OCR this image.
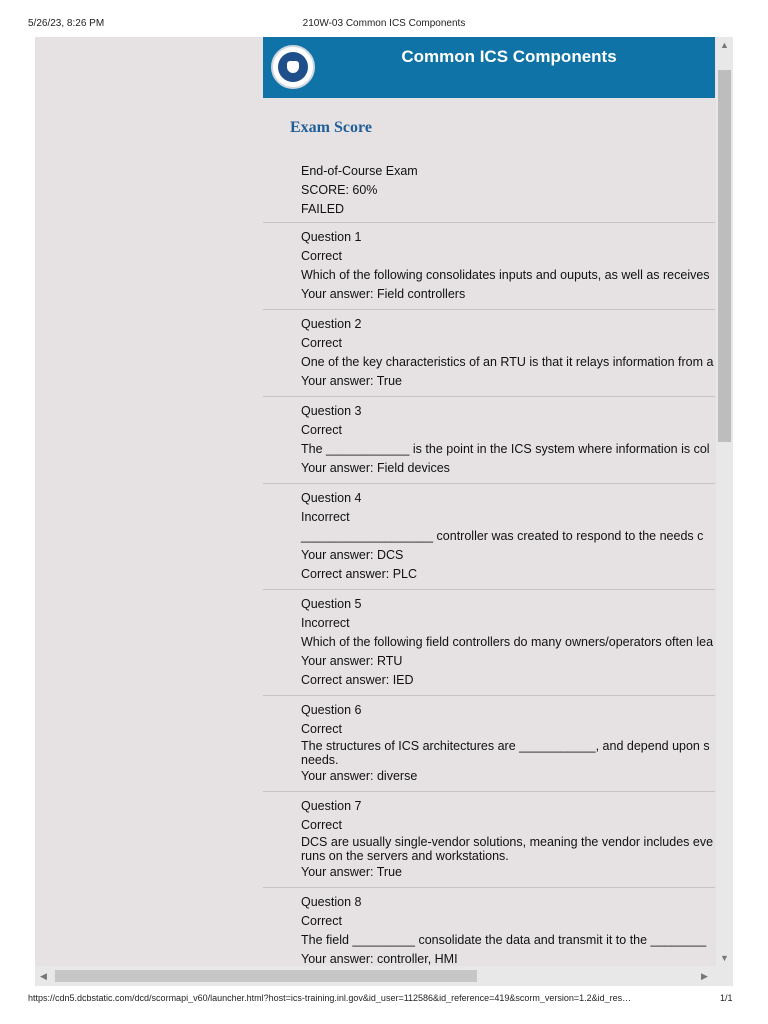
5/26/23, 8:26 PM	210W-03 Common ICS Components
Common ICS Components
Exam Score
End-of-Course Exam
SCORE: 60%
FAILED
Question 1
Correct
Which of the following consolidates inputs and ouputs, as well as receives
Your answer: Field controllers
Question 2
Correct
One of the key characteristics of an RTU is that it relays information from a
Your answer: True
Question 3
Correct
The ____________ is the point in the ICS system where information is col
Your answer: Field devices
Question 4
Incorrect
___________________ controller was created to respond to the needs c
Your answer: DCS
Correct answer: PLC
Question 5
Incorrect
Which of the following field controllers do many owners/operators often lea
Your answer: RTU
Correct answer: IED
Question 6
Correct
The structures of ICS architectures are ___________, and depend upon s needs.
Your answer: diverse
Question 7
Correct
DCS are usually single-vendor solutions, meaning the vendor includes eve runs on the servers and workstations.
Your answer: True
Question 8
Correct
The field _________ consolidate the data and transmit it to the ________
Your answer: controller, HMI
▲
▼
◀	▶
https://cdn5.dcbstatic.com/dcd/scormapi_v60/launcher.html?host=ics-training.inl.gov&id_user=112586&id_reference=419&scorm_version=1.2&id_res…	1/1
